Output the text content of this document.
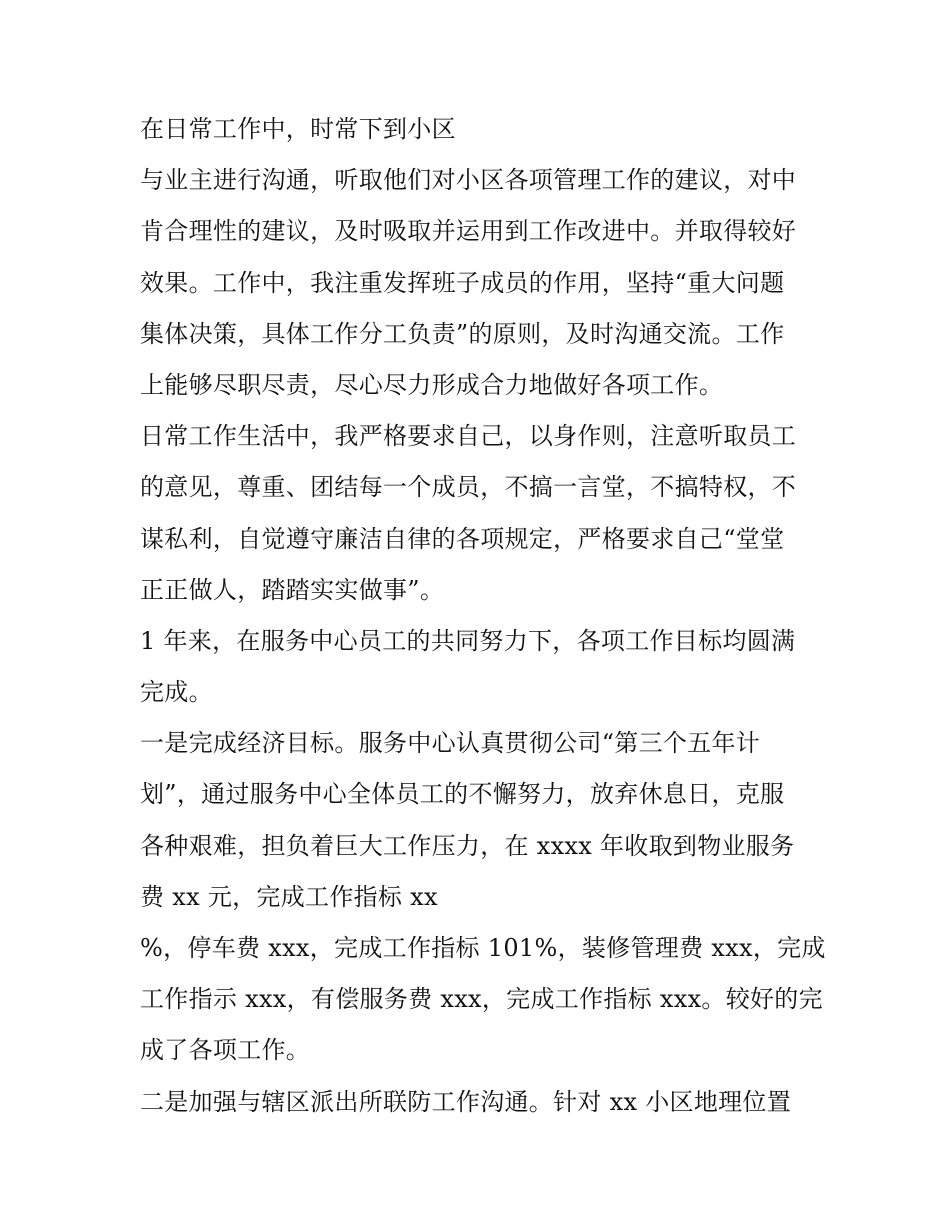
在日常工作中，时常下到小区
与业主进行沟通，听取他们对小区各项管理工作的建议，对中
肯合理性的建议，及时吸取并运用到工作改进中。并取得较好
效果。工作中，我注重发挥班子成员的作用，坚持“重大问题
集体决策，具体工作分工负责”的原则，及时沟通交流。工作
上能够尽职尽责，尽心尽力形成合力地做好各项工作。
日常工作生活中，我严格要求自己，以身作则，注意听取员工
的意见，尊重、团结每一个成员，不搞一言堂，不搞特权，不
谋私利，自觉遵守廉洁自律的各项规定，严格要求自己“堂堂
正正做人，踏踏实实做事”。
1 年来，在服务中心员工的共同努力下，各项工作目标均圆满
完成。
一是完成经济目标。服务中心认真贯彻公司“第三个五年计
划”，通过服务中心全体员工的不懈努力，放弃休息日，克服
各种艰难，担负着巨大工作压力，在 xxxx 年收取到物业服务
费 xx 元，完成工作指标 xx
%，停车费 xxx，完成工作指标 101%，装修管理费 xxx，完成
工作指示 xxx，有偿服务费 xxx，完成工作指标 xxx。较好的完
成了各项工作。
二是加强与辖区派出所联防工作沟通。针对 xx 小区地理位置
